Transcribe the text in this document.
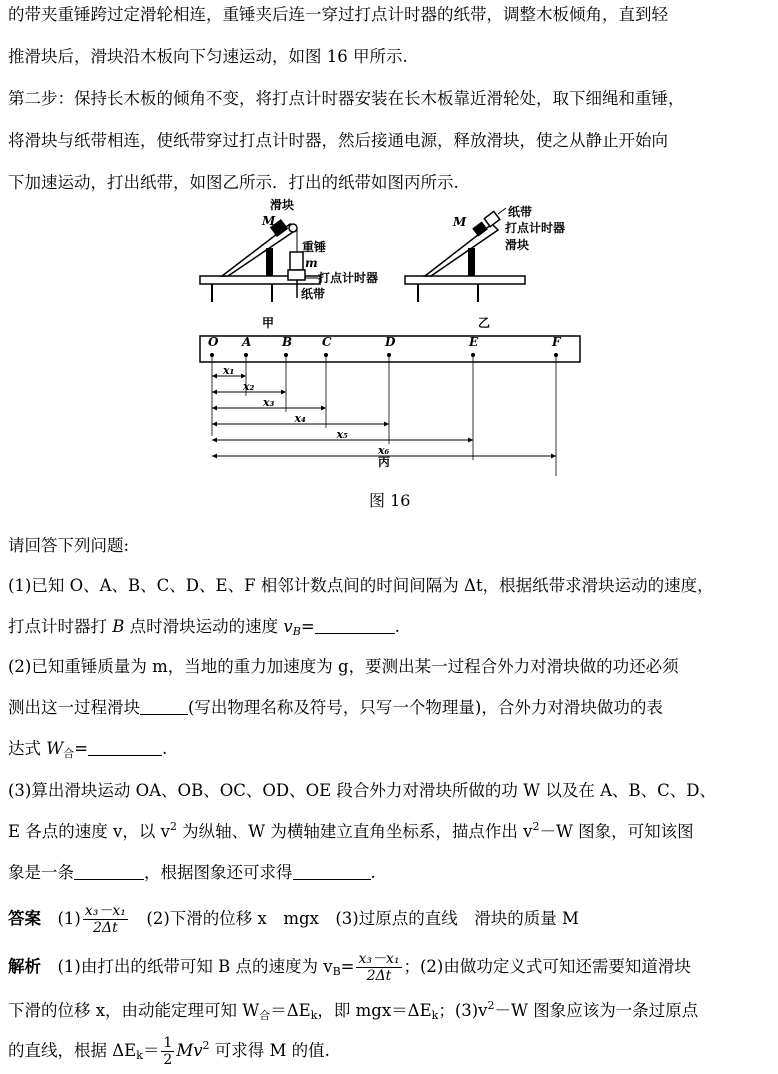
的带夹重锤跨过定滑轮相连，重锤夹后连一穿过打点计时器的纸带，调整木板倾角，直到轻
推滑块后，滑块沿木板向下匀速运动，如图 16 甲所示.
第二步：保持长木板的倾角不变，将打点计时器安装在长木板靠近滑轮处，取下细绳和重锤，
将滑块与纸带相连，使纸带穿过打点计时器，然后接通电源，释放滑块，使之从静止开始向
下加速运动，打出纸带，如图乙所示．打出的纸带如图丙所示.
滑块
M
重锤
m
打点计时器
纸带
甲
M
纸带
打点计时器
滑块
乙
O A	B C	D	E	F
x₁
x₂
x₃
x₄
x₅
x₆
丙
图 16
请回答下列问题:
(1)已知 O、A、B、C、D、E、F 相邻计数点间的时间间隔为 Δt，根据纸带求滑块运动的速度，
打点计时器打 B 点时滑块运动的速度 $v_B=$	.
(2)已知重锤质量为 m，当地的重力加速度为 g，要测出某一过程合外力对滑块做的功还必须
测出这一过程滑块	(写出物理名称及符号，只写一个物理量)，合外力对滑块做功的表
达式 $W_合=$	.
(3)算出滑块运动 OA、OB、OC、OD、OE 段合外力对滑块所做的功 W 以及在 A、B、C、D、
E 各点的速度 v，以 $v^2$ 为纵轴、W 为横轴建立直角坐标系，描点作出 $v^2-W$ 图象，可知该图
象是一条	，根据图象还可求得	.
答案　 $(1) \frac{\text{x₃－x₁}}{2\Delta t}$
　 (2)下滑的位移 x　mgx　(3)过原点的直线　滑块的质量 M
解析　 (1)由打出的纸带可知 B 点的速度为 $v_B= \frac{\text{x₃－x₁}}{2\Delta t}$ ；(2)由做功定义式可知还需要知道滑块
下滑的位移 x，由动能定理可知 $W_合=\Delta E_k$，即 $mgx=\Delta E_k$；$(3)v^2-W$ 图象应该为一条过原点
的直线，根据 $\Delta E_k= \frac{1}{2} Mv^2$ 可求得 M 的值.
